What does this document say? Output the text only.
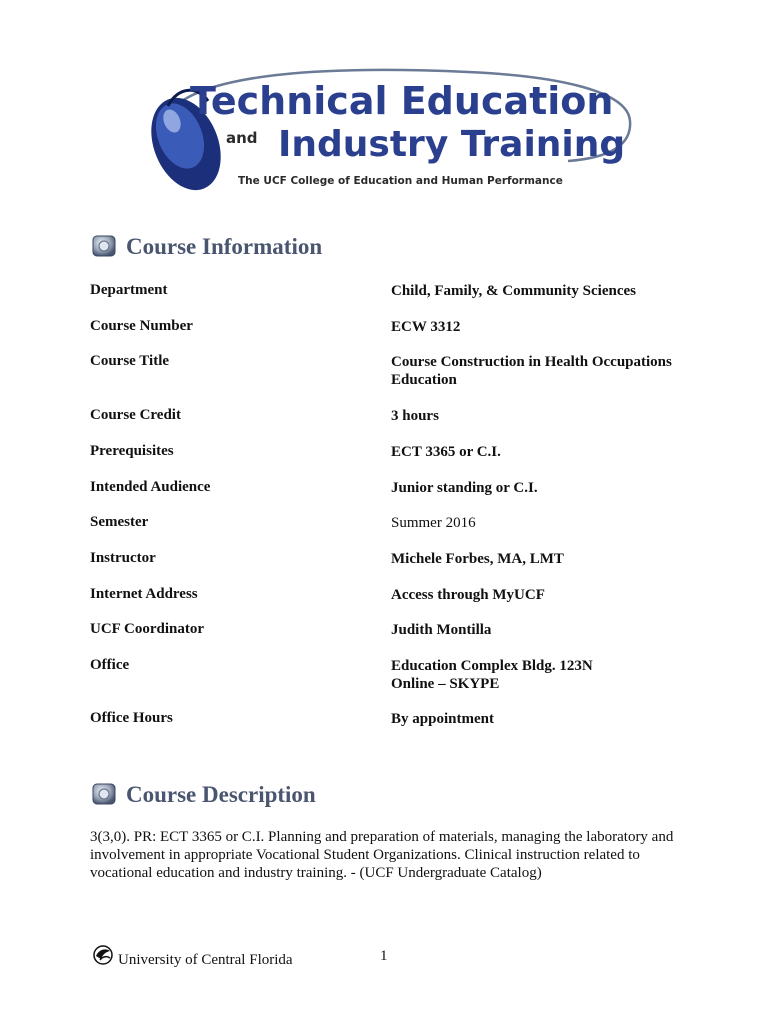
Technical Education
and Industry Training
The UCF College of Education and Human Performance
Course Information
Department	Child, Family, & Community Sciences
Course Number	ECW 3312
Course Title	Course Construction in Health Occupations
Education
Course Credit	3 hours
Prerequisites	ECT 3365 or C.I.
Intended Audience	Junior standing or C.I.
Semester	Summer 2016
Instructor	Michele Forbes, MA, LMT
Internet Address	Access through MyUCF
UCF Coordinator	Judith Montilla
Office	Education Complex Bldg. 123N
Online – SKYPE
Office Hours	By appointment
Course Description
3(3,0). PR: ECT 3365 or C.I. Planning and preparation of materials, managing the laboratory and
involvement in appropriate Vocational Student Organizations. Clinical instruction related to
vocational education and industry training. - (UCF Undergraduate Catalog)
University of Central Florida	1
